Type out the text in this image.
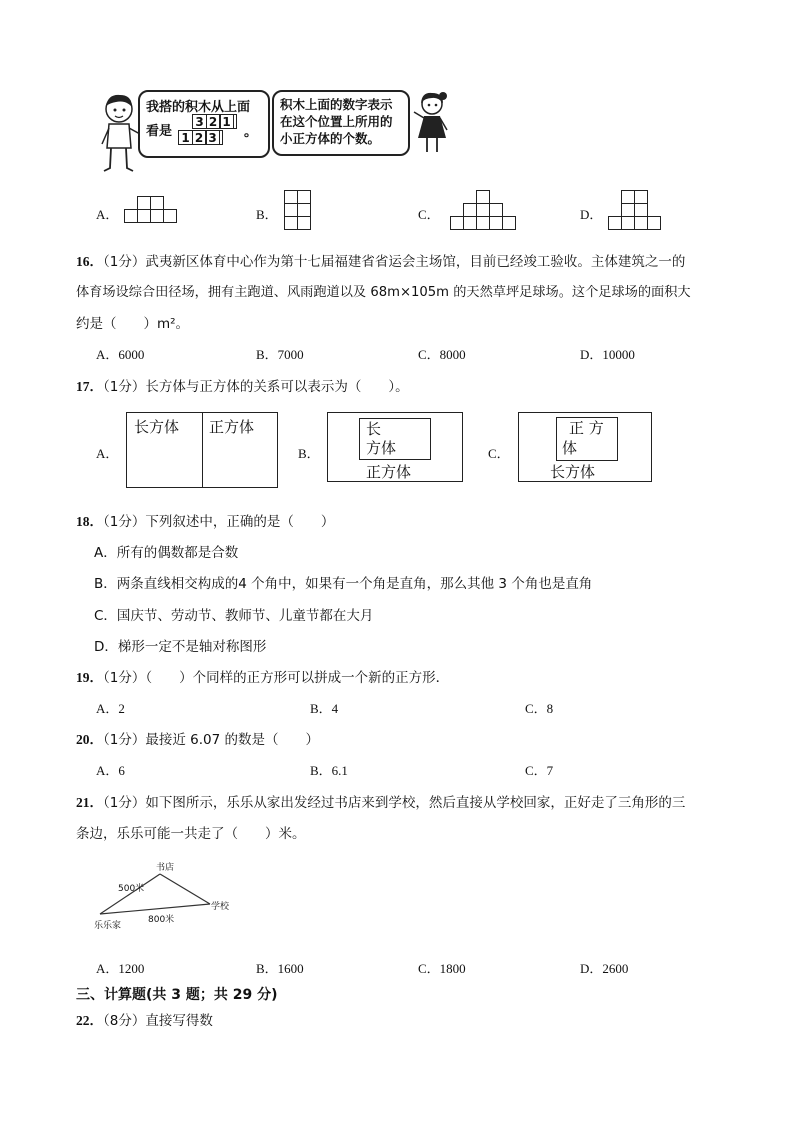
我搭的积木从上面
看是
3 2 1
。
1 2 3
积木上面的数字表示
在这个位置上所用的
小正方体的个数。
A．	B．	C．	D．
16．（1分）武夷新区体育中心作为第十七届福建省省运会主场馆，目前已经竣工验收。主体建筑之一的
体育场设综合田径场，拥有主跑道、风雨跑道以及 68m×105m 的天然草坪足球场。这个足球场的面积大
约是（　　）m²。
A．6000	B．7000	C．8000	D．10000
17．（1分）长方体与正方体的关系可以表示为（　　）。
A．
长方体 正方体
B．
长
方体
正方体
C．
正 方
体
长方体
18．（1分）下列叙述中，正确的是（　　）
A．所有的偶数都是合数
B．两条直线相交构成的4 个角中，如果有一个角是直角，那么其他 3 个角也是直角
C．国庆节、劳动节、教师节、儿童节都在大月
D．梯形一定不是轴对称图形
19．（1分）（　　）个同样的正方形可以拼成一个新的正方形．
A．2	B．4	C．8
20．（1分）最接近 6.07 的数是（　　）
A．6	B．6.1	C．7
21．（1分）如下图所示，乐乐从家出发经过书店来到学校，然后直接从学校回家，正好走了三角形的三
条边，乐乐可能一共走了（　　）米。
书店
500米
学校
800米
乐乐家
A．1200	B．1600	C．1800	D．2600
三、计算题(共 3 题；共 29 分)
22．（8分）直接写得数
